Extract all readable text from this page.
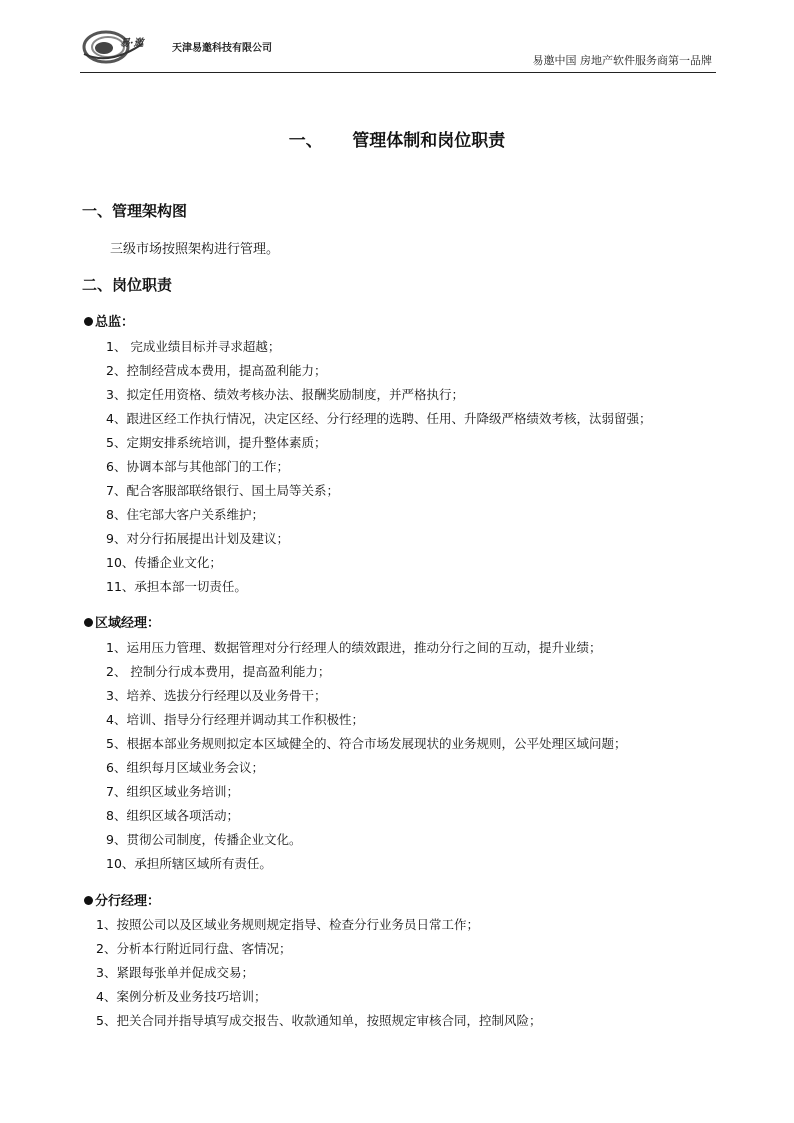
易·邀	天津易邀科技有限公司
易邀中国 房地产软件服务商第一品牌
一、     管理体制和岗位职责
一、管理架构图
三级市场按照架构进行管理。
二、岗位职责
总监：
1、 完成业绩目标并寻求超越；
2、控制经营成本费用，提高盈利能力；
3、拟定任用资格、绩效考核办法、报酬奖励制度，并严格执行；
4、跟进区经工作执行情况，决定区经、分行经理的选聘、任用、升降级严格绩效考核，汰弱留强；
5、定期安排系统培训，提升整体素质；
6、协调本部与其他部门的工作；
7、配合客服部联络银行、国土局等关系；
8、住宅部大客户关系维护；
9、对分行拓展提出计划及建议；
10、传播企业文化；
11、承担本部一切责任。
区域经理：
1、运用压力管理、数据管理对分行经理人的绩效跟进，推动分行之间的互动，提升业绩；
2、 控制分行成本费用，提高盈利能力；
3、培养、选拔分行经理以及业务骨干；
4、培训、指导分行经理并调动其工作积极性；
5、根据本部业务规则拟定本区域健全的、符合市场发展现状的业务规则，公平处理区域问题；
6、组织每月区域业务会议；
7、组织区域业务培训；
8、组织区域各项活动；
9、贯彻公司制度，传播企业文化。
10、承担所辖区域所有责任。
分行经理：
1、按照公司以及区域业务规则规定指导、检查分行业务员日常工作；
2、分析本行附近同行盘、客情况；
3、紧跟每张单并促成交易；
4、案例分析及业务技巧培训；
5、把关合同并指导填写成交报告、收款通知单，按照规定审核合同，控制风险；
